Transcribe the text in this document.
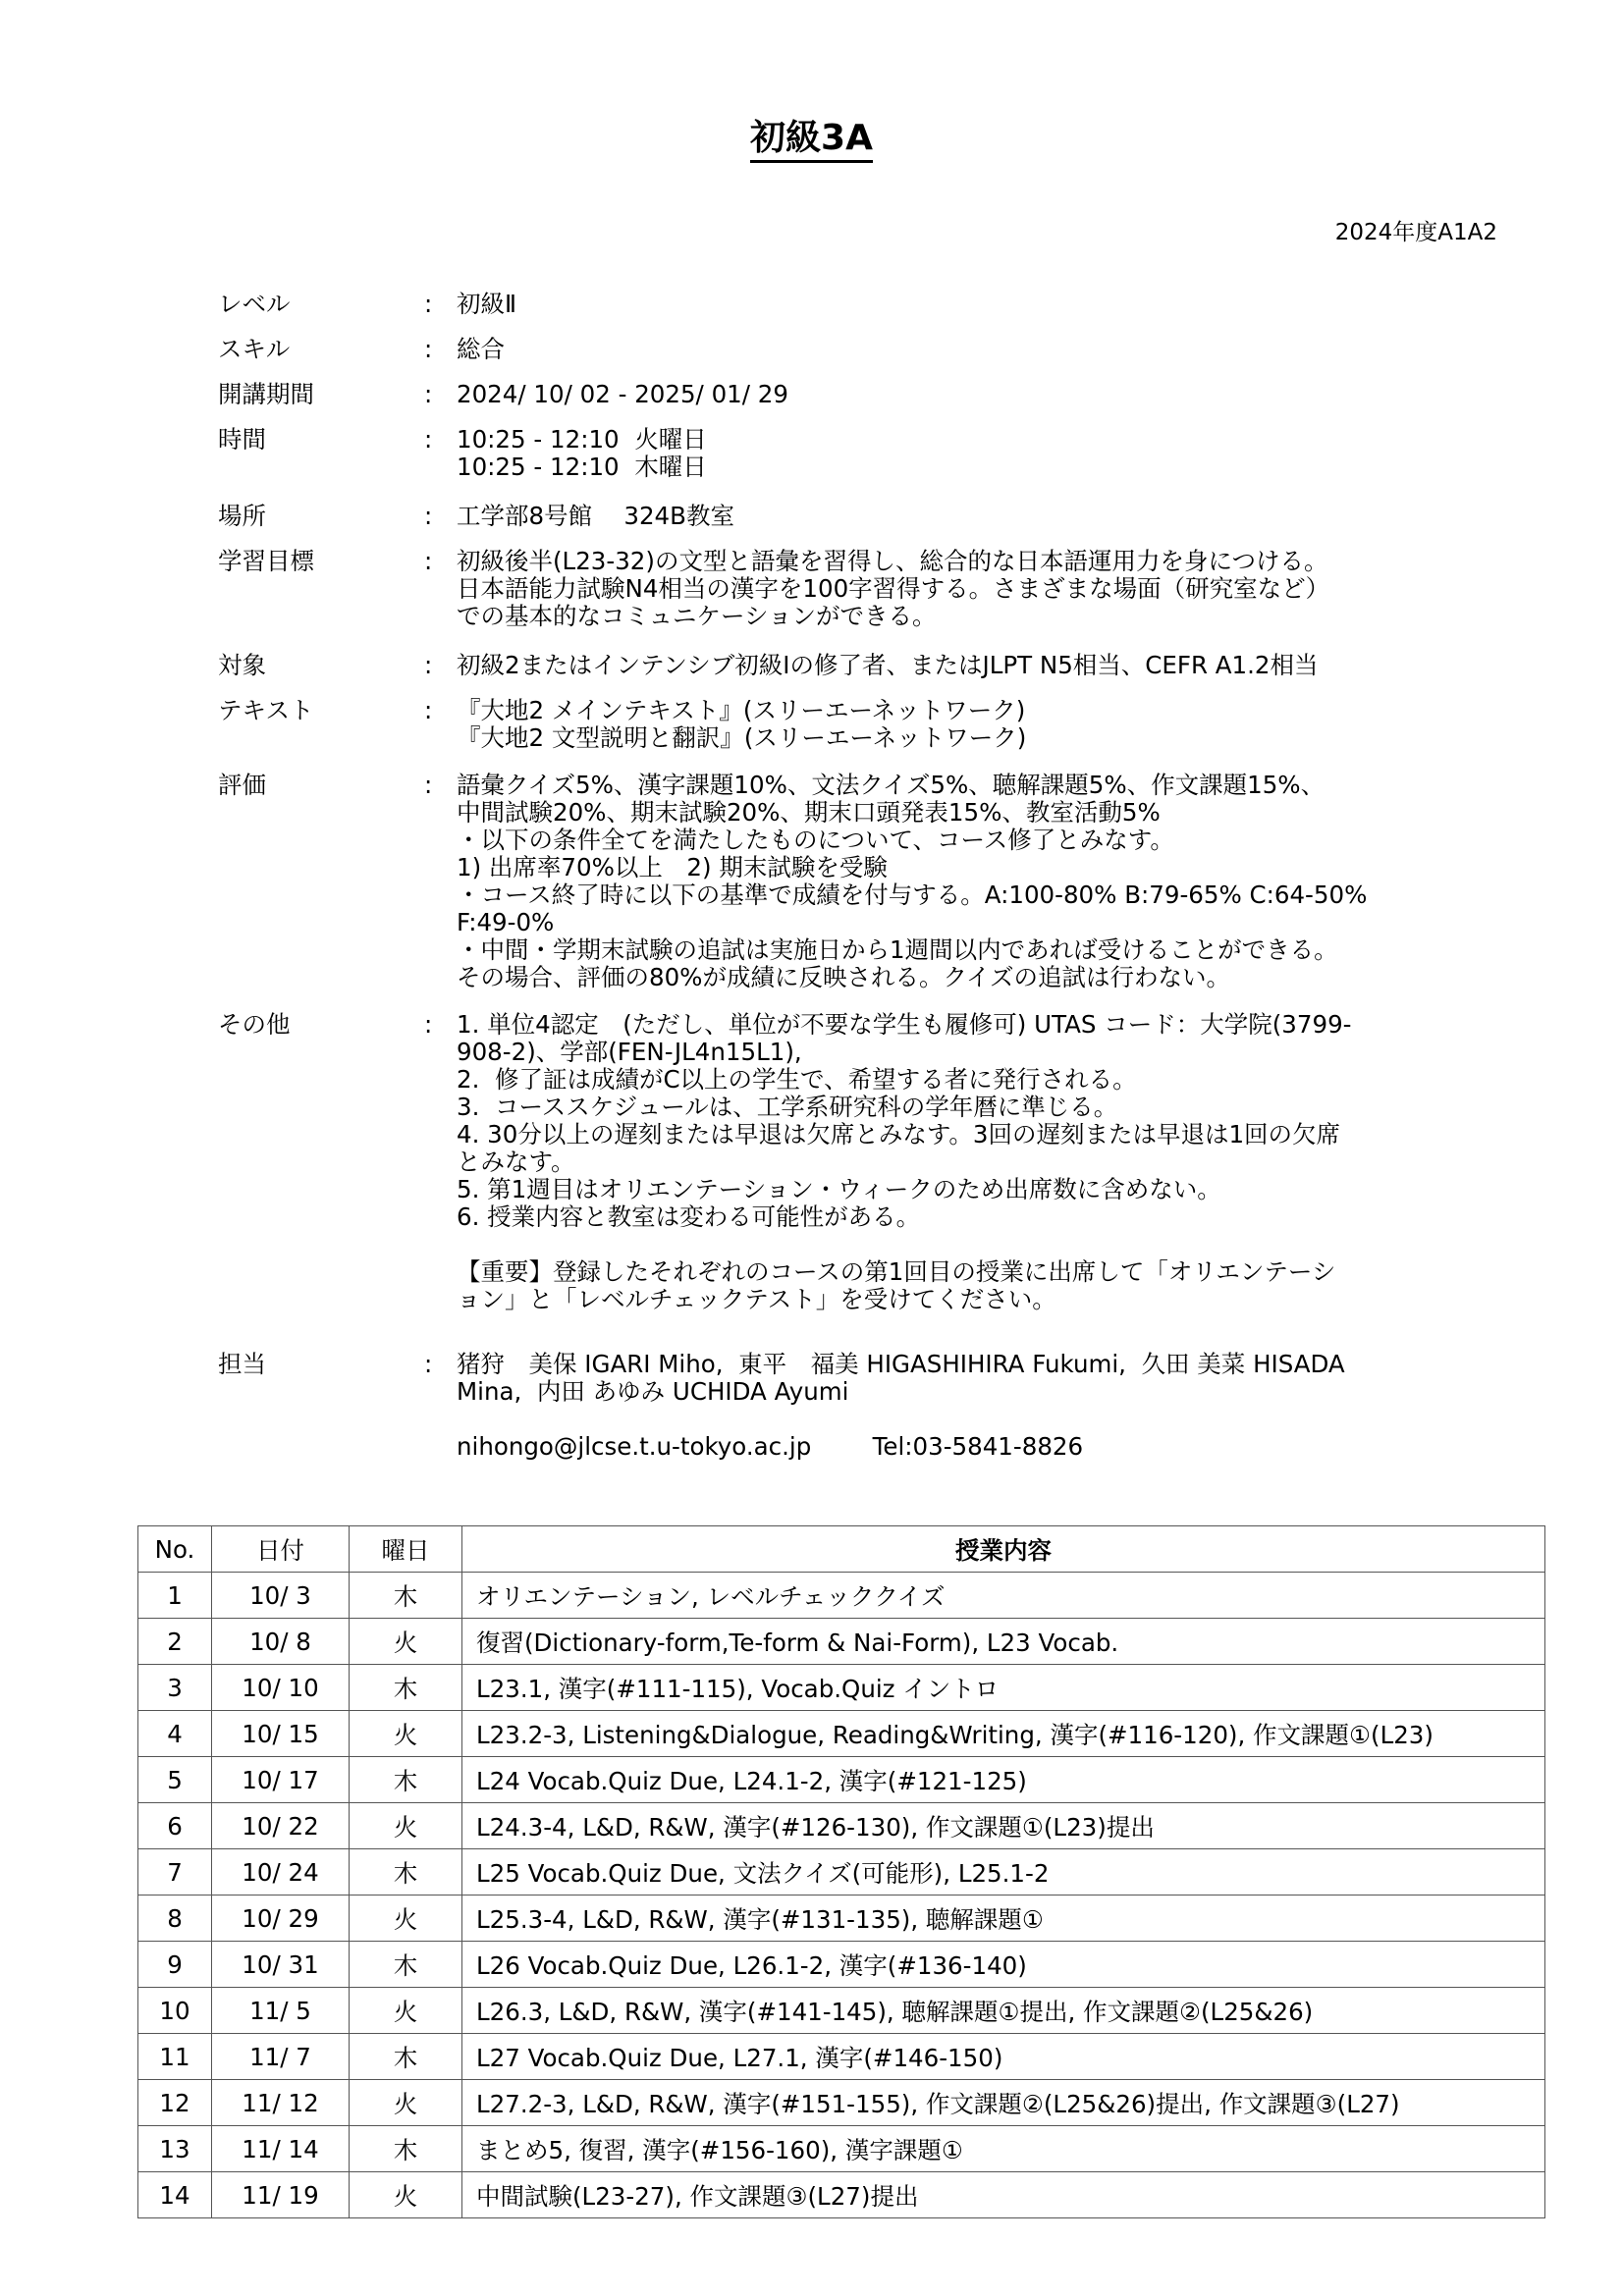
初級3A
2024年度A1A2
レベル	:	初級Ⅱ
スキル	:	総合
開講期間	:	2024/ 10/ 02 - 2025/ 01/ 29
時間	:	10:25 - 12:10  火曜日
10:25 - 12:10  木曜日
場所	:	工学部8号館　 324B教室
学習目標	:	初級後半(L23-32)の文型と語彙を習得し、総合的な日本語運用力を身につける。
日本語能力試験N4相当の漢字を100字習得する。さまざまな場面（研究室など）
での基本的なコミュニケーションができる。
対象	:	初級2またはインテンシブ初級Ⅰの修了者、またはJLPT N5相当、CEFR A1.2相当
テキスト	:	『大地2 メインテキスト』(スリーエーネットワーク)
『大地2 文型説明と翻訳』(スリーエーネットワーク)
評価	:	語彙クイズ5%、漢字課題10%、文法クイズ5%、聴解課題5%、作文課題15%、
中間試験20%、期末試験20%、期末口頭発表15%、教室活動5%
・以下の条件全てを満たしたものについて、コース修了とみなす。
1) 出席率70%以上　2) 期末試験を受験
・コース終了時に以下の基準で成績を付与する。A:100-80% B:79-65% C:64-50%
F:49-0%
・中間・学期末試験の追試は実施日から1週間以内であれば受けることができる。
その場合、評価の80%が成績に反映される。クイズの追試は行わない。
その他	:	1. 単位4認定　(ただし、単位が不要な学生も履修可) UTAS コード：大学院(3799-
908-2)、学部(FEN-JL4n15L1),
2.  修了証は成績がC以上の学生で、希望する者に発行される。
3.  コーススケジュールは、工学系研究科の学年暦に準じる。
4. 30分以上の遅刻または早退は欠席とみなす。3回の遅刻または早退は1回の欠席
とみなす。
5. 第1週目はオリエンテーション・ウィークのため出席数に含めない。
6. 授業内容と教室は変わる可能性がある。

【重要】登録したそれぞれのコースの第1回目の授業に出席して「オリエンテーシ
ョン」と「レベルチェックテスト」を受けてください。
担当	:	猪狩　美保 IGARI Miho,  東平　福美 HIGASHIHIRA Fukumi,  久田 美菜 HISADA
Mina,  内田 あゆみ UCHIDA Ayumi

nihongo@jlcse.t.u-tokyo.ac.jp        Tel:03-5841-8826
No.	日付	曜日	授業内容
1	10/ 3	木	オリエンテーション, レベルチェッククイズ
2	10/ 8	火	復習(Dictionary-form,Te-form & Nai-Form), L23 Vocab.
3	10/ 10	木	L23.1, 漢字(#111-115), Vocab.Quiz イントロ
4	10/ 15	火	L23.2-3, Listening&Dialogue, Reading&Writing, 漢字(#116-120), 作文課題①(L23)
5	10/ 17	木	L24 Vocab.Quiz Due, L24.1-2, 漢字(#121-125)
6	10/ 22	火	L24.3-4, L&D, R&W, 漢字(#126-130), 作文課題①(L23)提出
7	10/ 24	木	L25 Vocab.Quiz Due, 文法クイズ(可能形), L25.1-2
8	10/ 29	火	L25.3-4, L&D, R&W, 漢字(#131-135), 聴解課題①
9	10/ 31	木	L26 Vocab.Quiz Due, L26.1-2, 漢字(#136-140)
10	11/ 5	火	L26.3, L&D, R&W, 漢字(#141-145), 聴解課題①提出, 作文課題②(L25&26)
11	11/ 7	木	L27 Vocab.Quiz Due, L27.1, 漢字(#146-150)
12	11/ 12	火	L27.2-3, L&D, R&W, 漢字(#151-155), 作文課題②(L25&26)提出, 作文課題③(L27)
13	11/ 14	木	まとめ5, 復習, 漢字(#156-160), 漢字課題①
14	11/ 19	火	中間試験(L23-27), 作文課題③(L27)提出
